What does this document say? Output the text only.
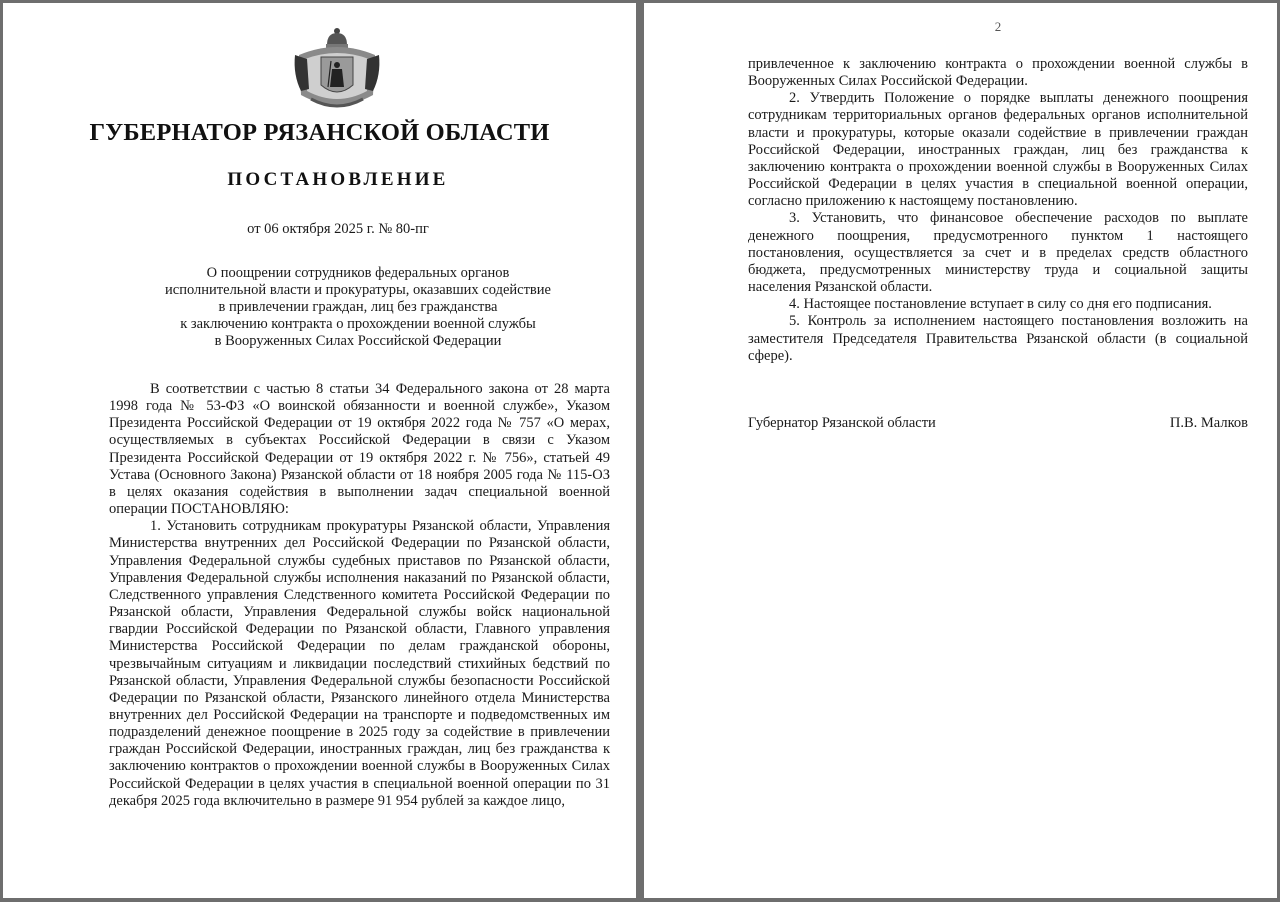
ГУБЕРНАТОР РЯЗАНСКОЙ ОБЛАСТИ
ПОСТАНОВЛЕНИЕ
от 06 октября 2025 г. № 80-пг
О поощрении сотрудников федеральных органов
исполнительной власти и прокуратуры, оказавших содействие
в привлечении граждан, лиц без гражданства
к заключению контракта о прохождении военной службы
в Вооруженных Силах Российской Федерации

В соответствии с частью 8 статьи 34 Федерального закона от 28 марта 1998 года № 53-ФЗ «О воинской обязанности и военной службе», Указом Президента Российской Федерации от 19 октября 2022 года № 757 «О мерах, осуществляемых в субъектах Российской Федерации в связи с Указом Президента Российской Федерации от 19 октября 2022 г. № 756», статьей 49 Устава (Основного Закона) Рязанской области от 18 ноября 2005 года № 115-ОЗ в целях оказания содействия в выполнении задач специальной военной операции ПОСТАНОВЛЯЮ:

1. Установить сотрудникам прокуратуры Рязанской области, Управления Министерства внутренних дел Российской Федерации по Рязанской области, Управления Федеральной службы судебных приставов по Рязанской области, Управления Федеральной службы исполнения наказаний по Рязанской области, Следственного управления Следственного комитета Российской Федерации по Рязанской области, Управления Федеральной службы войск национальной гвардии Российской Федерации по Рязанской области, Главного управления Министерства Российской Федерации по делам гражданской обороны, чрезвычайным ситуациям и ликвидации последствий стихийных бедствий по Рязанской области, Управления Федеральной службы безопасности Российской Федерации по Рязанской области, Рязанского линейного отдела Министерства внутренних дел Российской Федерации на транспорте и подведомственных им подразделений денежное поощрение в 2025 году за содействие в привлечении граждан Российской Федерации, иностранных граждан, лиц без гражданства к заключению контрактов о прохождении военной службы в Вооруженных Силах Российской Федерации в целях участия в специальной военной операции по 31 декабря 2025 года включительно в размере 91 954 рублей за каждое лицо,

2

привлеченное к заключению контракта о прохождении военной службы в Вооруженных Силах Российской Федерации.

2. Утвердить Положение о порядке выплаты денежного поощрения сотрудникам территориальных органов федеральных органов исполнительной власти и прокуратуры, которые оказали содействие в привлечении граждан Российской Федерации, иностранных граждан, лиц без гражданства к заключению контракта о прохождении военной службы в Вооруженных Силах Российской Федерации в целях участия в специальной военной операции, согласно приложению к настоящему постановлению.

3. Установить, что финансовое обеспечение расходов по выплате денежного поощрения, предусмотренного пунктом 1 настоящего постановления, осуществляется за счет и в пределах средств областного бюджета, предусмотренных министерству труда и социальной защиты населения Рязанской области.

4. Настоящее постановление вступает в силу со дня его подписания.

5. Контроль за исполнением настоящего постановления возложить на заместителя Председателя Правительства Рязанской области (в социальной сфере).

Губернатор Рязанской области	П.В. Малков
